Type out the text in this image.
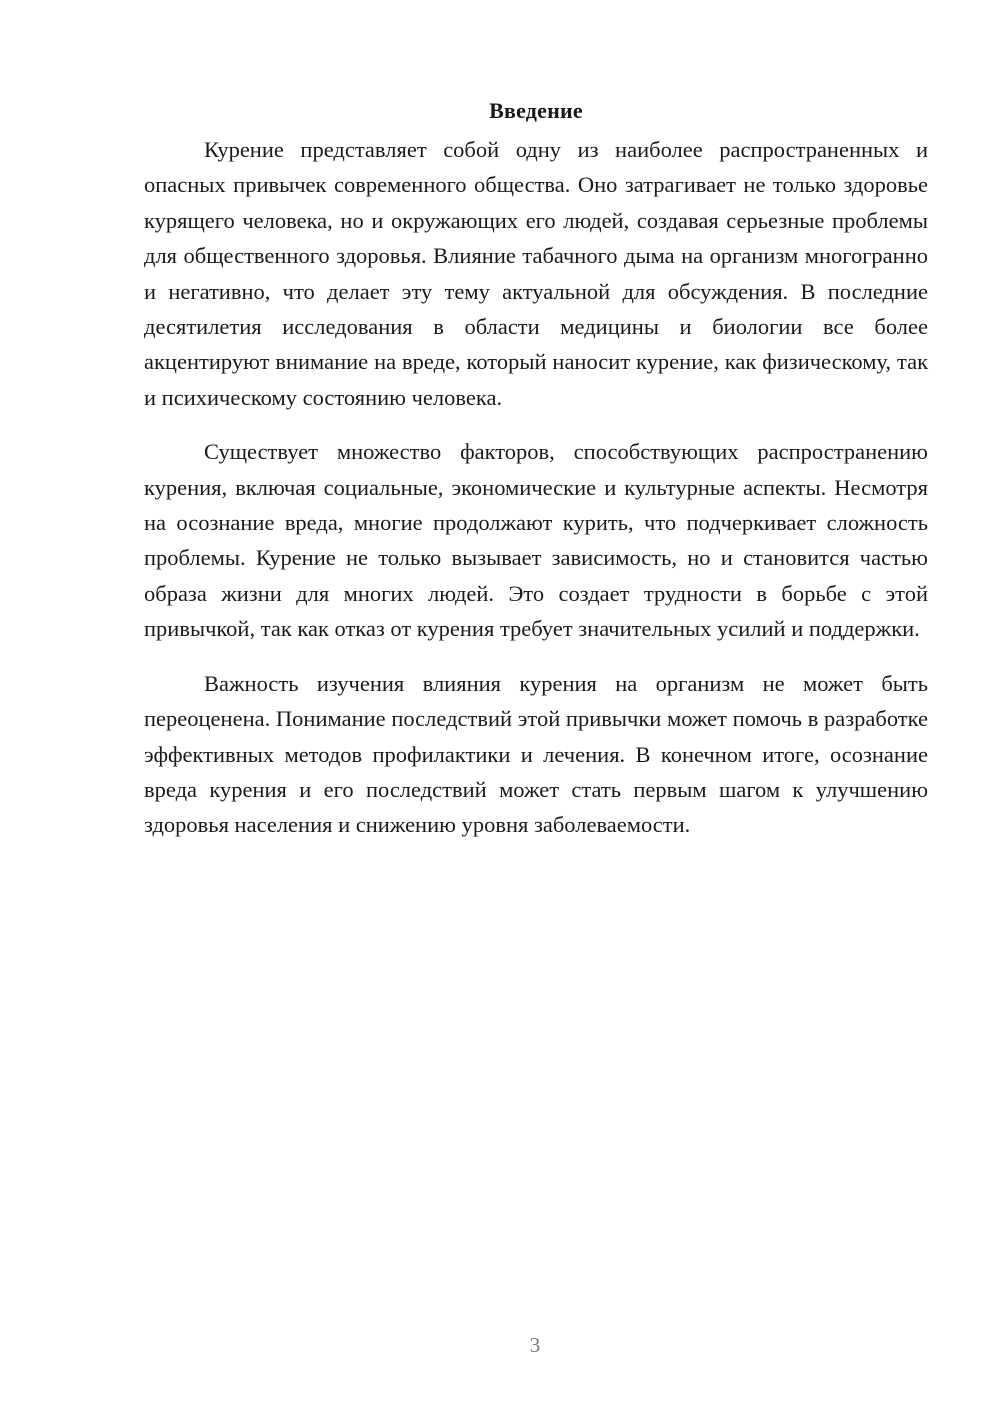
Введение

Курение представляет собой одну из наиболее распространенных и опасных привычек современного общества. Оно затрагивает не только здоровье курящего человека, но и окружающих его людей, создавая серьезные проблемы для общественного здоровья. Влияние табачного дыма на организм многогранно и негативно, что делает эту тему актуальной для обсуждения. В последние десятилетия исследования в области медицины и биологии все более акцентируют внимание на вреде, который наносит курение, как физическому, так и психическому состоянию человека.

Существует множество факторов, способствующих распространению курения, включая социальные, экономические и культурные аспекты. Несмотря на осознание вреда, многие продолжают курить, что подчеркивает сложность проблемы. Курение не только вызывает зависимость, но и становится частью образа жизни для многих людей. Это создает трудности в борьбе с этой привычкой, так как отказ от курения требует значительных усилий и поддержки.

Важность изучения влияния курения на организм не может быть переоценена. Понимание последствий этой привычки может помочь в разработке эффективных методов профилактики и лечения. В конечном итоге, осознание вреда курения и его последствий может стать первым шагом к улучшению здоровья населения и снижению уровня заболеваемости.

3
